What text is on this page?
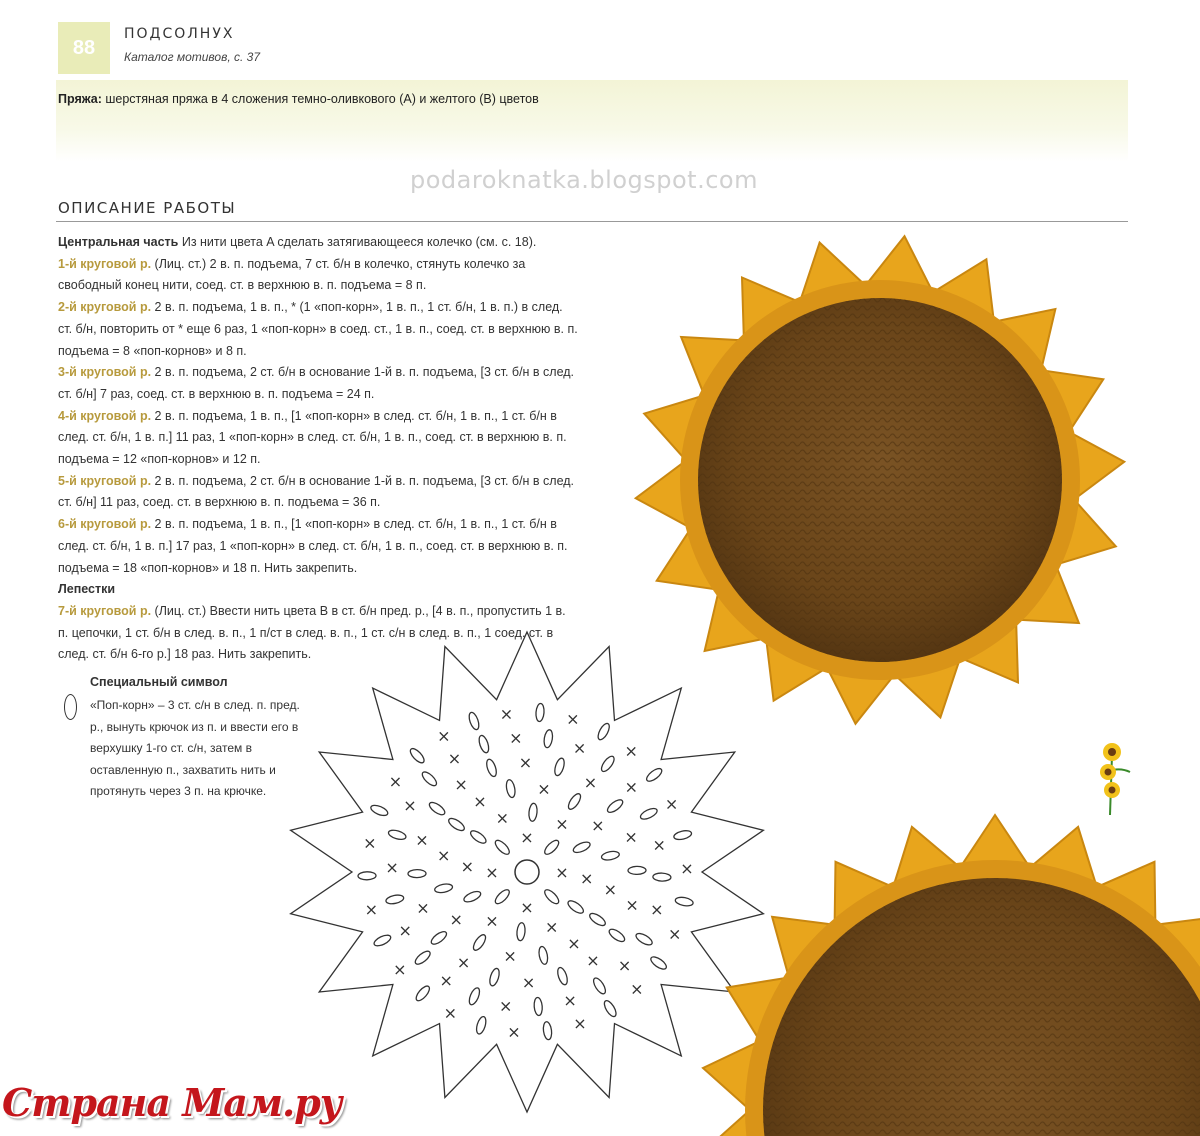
88
ПОДСОЛНУХ
Каталог мотивов, с. 37
Пряжа: шерстяная пряжа в 4 сложения темно-оливкового (A) и желтого (B) цветов
podaroknatka.blogspot.com
ОПИСАНИЕ РАБОТЫ

Центральная часть Из нити цвета A сделать затягивающееся колечко (см. с. 18).

1-й круговой р. (Лиц. ст.) 2 в. п. подъема, 7 ст. б/н в колечко, стянуть колечко за свободный конец нити, соед. ст. в верхнюю в. п. подъема = 8 п.

2-й круговой р. 2 в. п. подъема, 1 в. п., * (1 «поп-корн», 1 в. п., 1 ст. б/н, 1 в. п.) в след. ст. б/н, повторить от * еще 6 раз, 1 «поп-корн» в соед. ст., 1 в. п., соед. ст. в верхнюю в. п. подъема = 8 «поп-корнов» и 8 п.

3-й круговой р. 2 в. п. подъема, 2 ст. б/н в основание 1-й в. п. подъема, [3 ст. б/н в след. ст. б/н] 7 раз, соед. ст. в верхнюю в. п. подъема = 24 п.

4-й круговой р. 2 в. п. подъема, 1 в. п., [1 «поп-корн» в след. ст. б/н, 1 в. п., 1 ст. б/н в след. ст. б/н, 1 в. п.] 11 раз, 1 «поп-корн» в след. ст. б/н, 1 в. п., соед. ст. в верхнюю в. п. подъема = 12 «поп-корнов» и 12 п.

5-й круговой р. 2 в. п. подъема, 2 ст. б/н в основание 1-й в. п. подъема, [3 ст. б/н в след. ст. б/н] 11 раз, соед. ст. в верхнюю в. п. подъема = 36 п.

6-й круговой р. 2 в. п. подъема, 1 в. п., [1 «поп-корн» в след. ст. б/н, 1 в. п., 1 ст. б/н в след. ст. б/н, 1 в. п.] 17 раз, 1 «поп-корн» в след. ст. б/н, 1 в. п., соед. ст. в верхнюю в. п. подъема = 18 «поп-корнов» и 18 п. Нить закрепить.

Лепестки

7-й круговой р. (Лиц. ст.) Ввести нить цвета B в ст. б/н пред. р., [4 в. п., пропустить 1 в. п. цепочки, 1 ст. б/н в след. в. п., 1 п/ст в след. в. п., 1 ст. с/н в след. в. п., 1 соед. ст. в след. ст. б/н 6-го р.] 18 раз. Нить закрепить.

Специальный символ
«Поп-корн» – 3 ст. с/н в след. п. пред. р., вынуть крючок из п. и ввести его в верхушку 1-го ст. с/н, затем в оставленную п., захватить нить и протянуть через 3 п. на крючке.
×
×
×
×
×
×
×
×
×
×
×
×
×
×
×
×
×
×
×
×
×
×
×
×
×
×
×
×
×
×
×
×
×
×
×
×
×
×
×
×
×
×
×
×
×
×
×
×
×
×
×
×
×
×
×	×
Страна Мам.ру
